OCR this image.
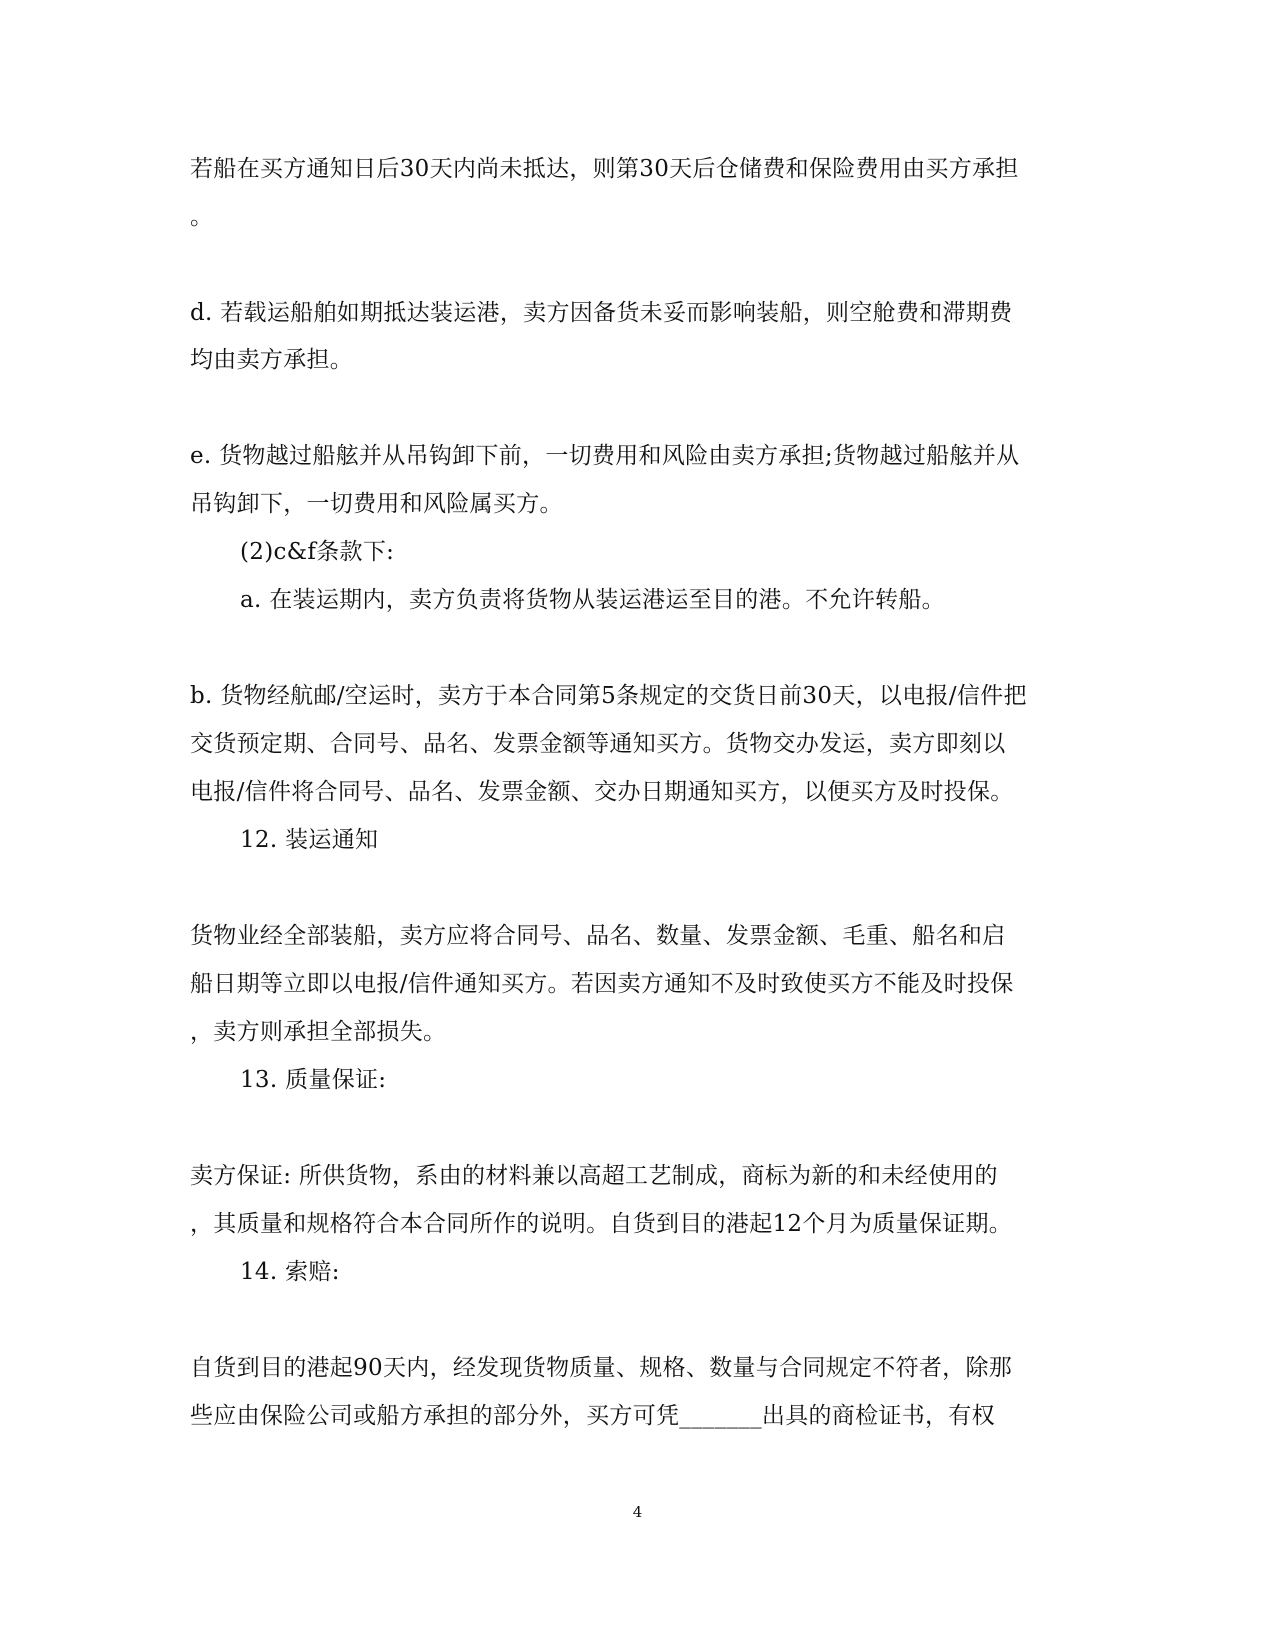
若船在买方通知日后30天内尚未抵达，则第30天后仓储费和保险费用由买方承担
。
d. 若载运船舶如期抵达装运港，卖方因备货未妥而影响装船，则空舱费和滞期费
均由卖方承担。
e. 货物越过船舷并从吊钩卸下前，一切费用和风险由卖方承担;货物越过船舷并从
吊钩卸下，一切费用和风险属买方。
(2)c&f条款下:
a. 在装运期内，卖方负责将货物从装运港运至目的港。不允许转船。
b. 货物经航邮/空运时，卖方于本合同第5条规定的交货日前30天，以电报/信件把
交货预定期、合同号、品名、发票金额等通知买方。货物交办发运，卖方即刻以
电报/信件将合同号、品名、发票金额、交办日期通知买方，以便买方及时投保。
12. 装运通知
货物业经全部装船，卖方应将合同号、品名、数量、发票金额、毛重、船名和启
船日期等立即以电报/信件通知买方。若因卖方通知不及时致使买方不能及时投保
，卖方则承担全部损失。
13. 质量保证:
卖方保证: 所供货物，系由的材料兼以高超工艺制成，商标为新的和未经使用的
，其质量和规格符合本合同所作的说明。自货到目的港起12个月为质量保证期。
14. 索赔:
自货到目的港起90天内，经发现货物质量、规格、数量与合同规定不符者，除那
些应由保险公司或船方承担的部分外，买方可凭_______出具的商检证书，有权
4
